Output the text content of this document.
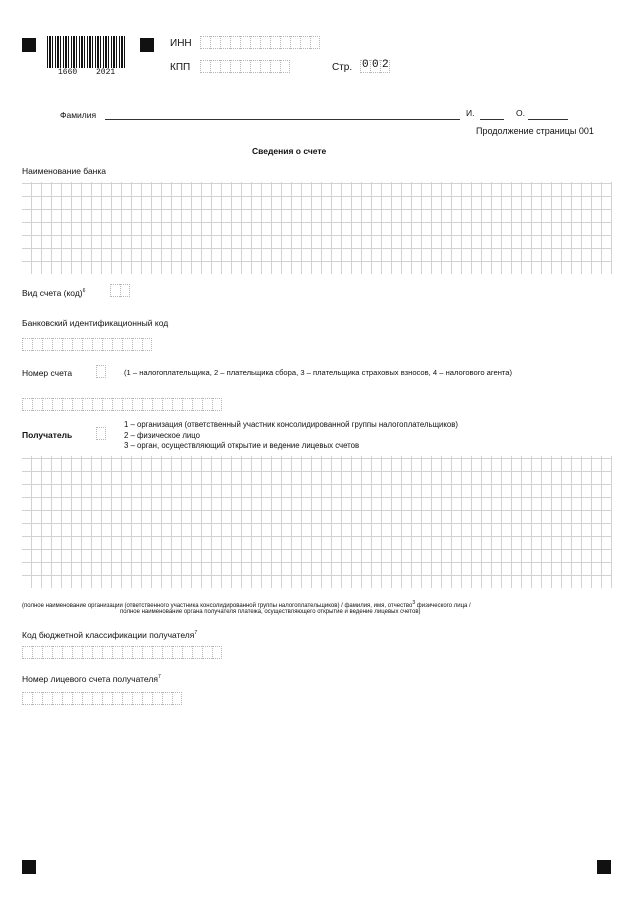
1660 2021
ИНН
КПП	Стр. 0 0 2
Фамилия	И.	О.
Продолжение страницы 001
Сведения о счете
Наименование банка
Вид счета (код)$^6$
Банковский идентификационный код
Номер счета	(1 – налогоплательщика, 2 – плательщика сбора, 3 – плательщика страховых взносов, 4 – налогового агента)
Получатель
1 – организация (ответственный участник консолидированной группы налогоплательщиков)
2 – физическое лицо
3 – орган, осуществляющий открытие и ведение лицевых счетов
(полное наименование организации (ответственного участника консолидированной группы налогоплательщиков) / фамилия, имя, отчество$^3$ физического лица /
полное наименование органа получателя платежа, осуществляющего открытие и ведение лицевых счетов)
Код бюджетной классификации получателя$^7$
Номер лицевого счета получателя$^7$
